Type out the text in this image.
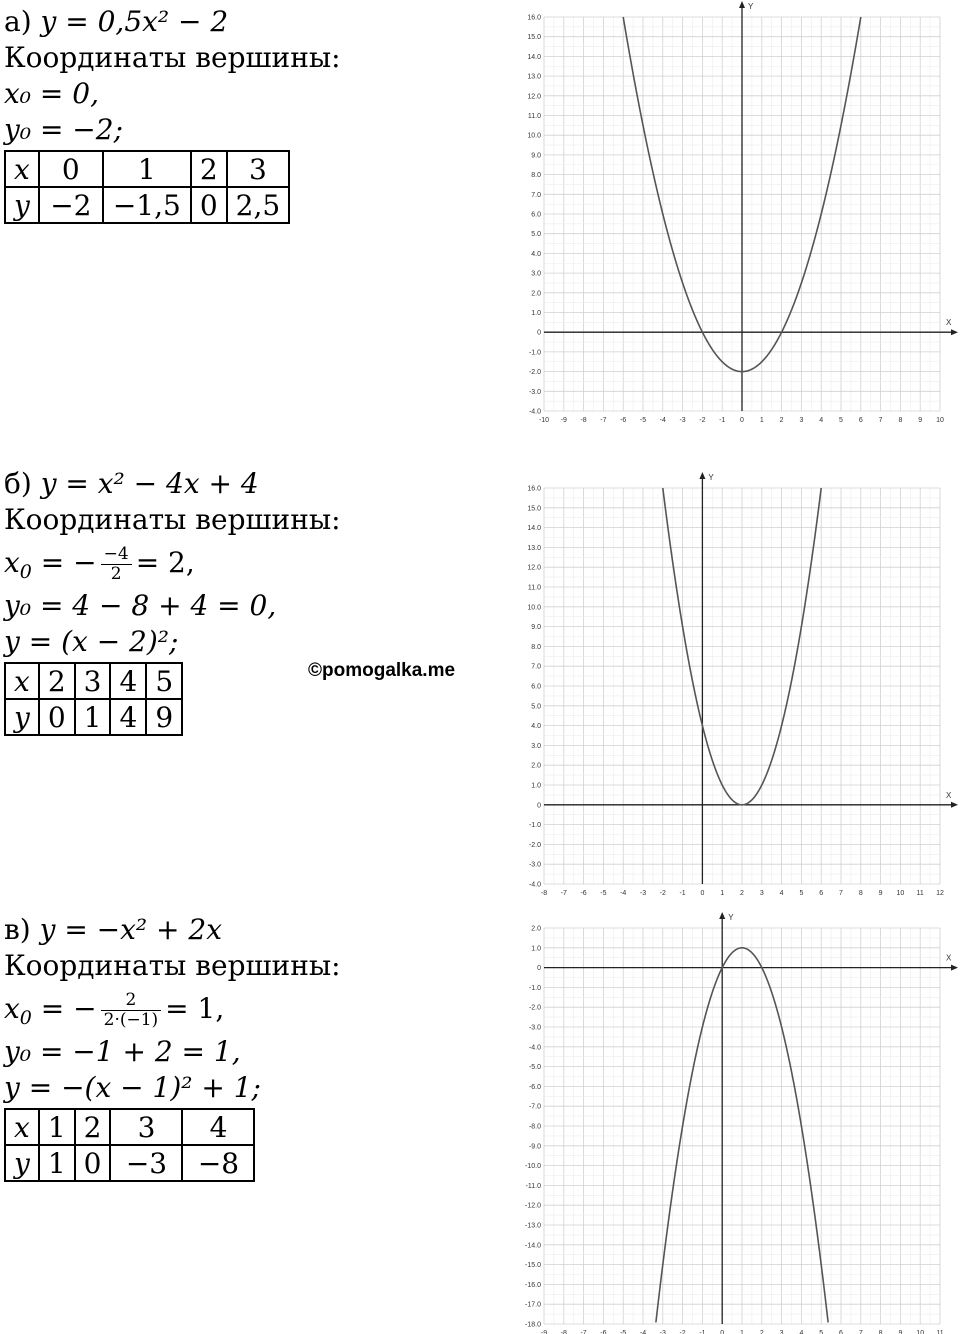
а) y = 0,5x² − 2
Координаты вершины:
x₀ = 0,
y₀ = −2;
x	0	1	2	3
y	−2	−1,5	0	2,5
б) y = x² − 4x + 4
Координаты вершины:
$x_0$ = − $\frac{-4}{2} = 2$,
y₀ = 4 − 8 + 4 = 0,
y = (x − 2)²;
x	2	3	4	5
y	0	1	4	9
в) y = −x² + 2x
Координаты вершины:
$x_0$ = − $\frac{2}{2\cdot(-1)} = 1$,
y₀ = −1 + 2 = 1,
y = −(x − 1)² + 1;
x	1	2	3	4
y	1	0	−3	−8
©pomogalka.me
X
Y
-10 -9 -8 -7 -6 -5 -4 -3 -2 -1 0 1 2 3 4 5 6 7 8 9 10
-4.0
-3.0
-2.0
-1.0
0
1.0
2.0
3.0
4.0
5.0
6.0
7.0
8.0
9.0
10.0
11.0
12.0
13.0
14.0
15.0
16.0
X
Y
-8 -7 -6 -5 -4 -3 -2 -1 0 1 2 3 4 5 6 7 8 9 10 11 12
-4.0
-3.0
-2.0
-1.0
0
1.0
2.0
3.0
4.0
5.0
6.0
7.0
8.0
9.0
10.0
11.0
12.0
13.0
14.0
15.0
16.0
X
Y
-9 -8 -7 -6 -5 -4 -3 -2 -1 0 1 2 3 4 5 6 7 8 9 10 11
-18.0
-17.0
-16.0
-15.0
-14.0
-13.0
-12.0
-11.0
-10.0
-9.0
-8.0
-7.0
-6.0
-5.0
-4.0
-3.0
-2.0
-1.0
0
1.0
2.0
